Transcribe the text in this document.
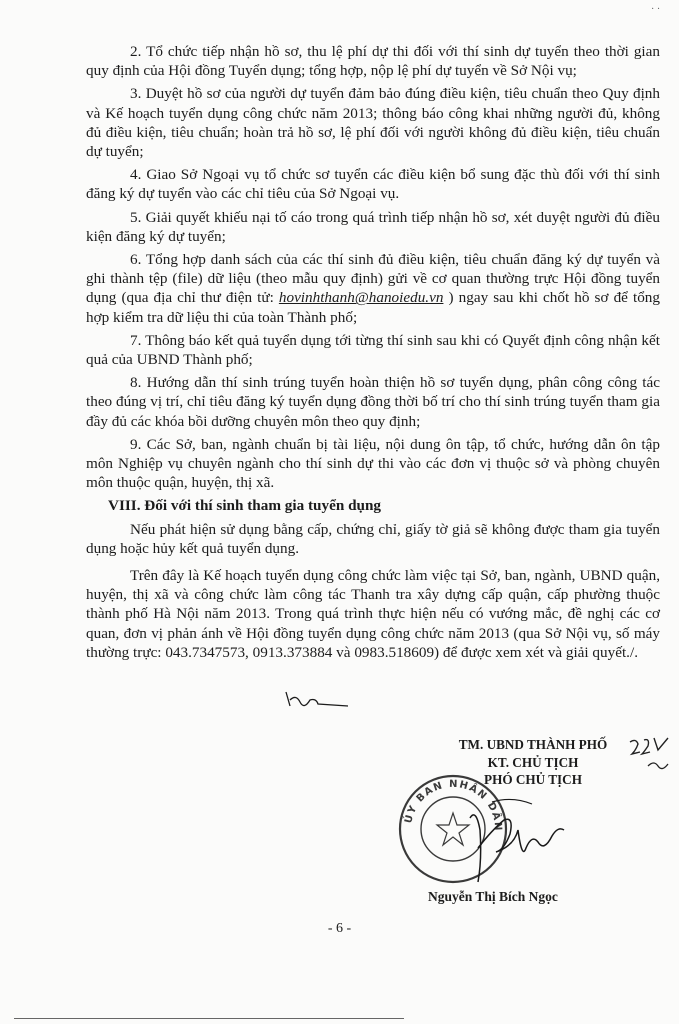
· ·

2. Tổ chức tiếp nhận hồ sơ, thu lệ phí dự thi đối với thí sinh dự tuyển theo thời gian quy định của Hội đồng Tuyển dụng; tổng hợp, nộp lệ phí dự tuyển về Sở Nội vụ;

3. Duyệt hồ sơ của người dự tuyển đảm bảo đúng điều kiện, tiêu chuẩn theo Quy định và Kế hoạch tuyển dụng công chức năm 2013; thông báo công khai những người đủ, không đủ điều kiện, tiêu chuẩn; hoàn trả hồ sơ, lệ phí đối với người không đủ điều kiện, tiêu chuẩn dự tuyển;

4. Giao Sở Ngoại vụ tổ chức sơ tuyển các điều kiện bổ sung đặc thù đối với thí sinh đăng ký dự tuyển vào các chỉ tiêu của Sở Ngoại vụ.

5. Giải quyết khiếu nại tố cáo trong quá trình tiếp nhận hồ sơ, xét duyệt người đủ điều kiện đăng ký dự tuyển;

6. Tổng hợp danh sách của các thí sinh đủ điều kiện, tiêu chuẩn đăng ký dự tuyển và ghi thành tệp (file) dữ liệu (theo mẫu quy định) gửi về cơ quan thường trực Hội đồng tuyển dụng (qua địa chỉ thư điện tử: hovinhthanh@hanoiedu.vn ) ngay sau khi chốt hồ sơ để tổng hợp kiểm tra dữ liệu thi của toàn Thành phố;

7. Thông báo kết quả tuyển dụng tới từng thí sinh sau khi có Quyết định công nhận kết quả của UBND Thành phố;

8. Hướng dẫn thí sinh trúng tuyển hoàn thiện hồ sơ tuyển dụng, phân công công tác theo đúng vị trí, chỉ tiêu đăng ký tuyển dụng đồng thời bố trí cho thí sinh trúng tuyển tham gia đầy đủ các khóa bồi dưỡng chuyên môn theo quy định;

9. Các Sở, ban, ngành chuẩn bị tài liệu, nội dung ôn tập, tổ chức, hướng dẫn ôn tập môn Nghiệp vụ chuyên ngành cho thí sinh dự thi vào các đơn vị thuộc sở và phòng chuyên môn thuộc quận, huyện, thị xã.

VIII. Đối với thí sinh tham gia tuyển dụng

Nếu phát hiện sử dụng bằng cấp, chứng chỉ, giấy tờ giả sẽ không được tham gia tuyển dụng hoặc hủy kết quả tuyển dụng.

Trên đây là Kế hoạch tuyển dụng công chức làm việc tại Sở, ban, ngành, UBND quận, huyện, thị xã và công chức làm công tác Thanh tra xây dựng cấp quận, cấp phường thuộc thành phố Hà Nội năm 2013. Trong quá trình thực hiện nếu có vướng mắc, đề nghị các cơ quan, đơn vị phản ánh về Hội đồng tuyển dụng công chức năm 2013 (qua Sở Nội vụ, số máy thường trực: 043.7347573, 0913.373884 và 0983.518609) để được xem xét và giải quyết./.

TM. UBND THÀNH PHỐ
KT. CHỦ TỊCH
PHÓ CHỦ TỊCH
ỦY BAN NHÂN DÂN
Nguyễn Thị Bích Ngọc
- 6 -
